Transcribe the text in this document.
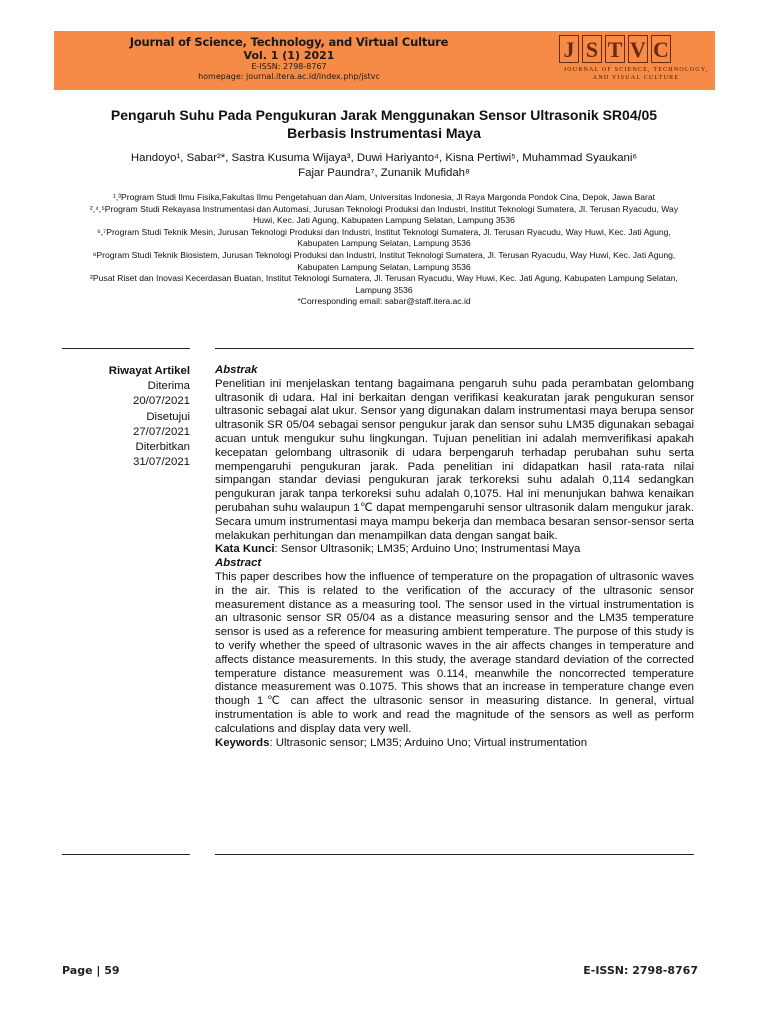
Journal of Science, Technology, and Virtual Culture
Vol. 1 (1) 2021
E-ISSN: 2798-8767
homepage: journal.itera.ac.id/index.php/jstvc
J S T V C
JOURNAL OF SCIENCE, TECHNOLOGY, AND VISUAL CULTURE
Pengaruh Suhu Pada Pengukuran Jarak Menggunakan Sensor Ultrasonik SR04/05
Berbasis Instrumentasi Maya
Handoyo¹, Sabar²*, Sastra Kusuma Wijaya³, Duwi Hariyanto⁴, Kisna Pertiwi⁵, Muhammad Syaukani⁶
Fajar Paundra⁷, Zunanik Mufidah⁸

¹,³Program Studi Ilmu Fisika,Fakultas Ilmu Pengetahuan dan Alam, Universitas Indonesia, Jl Raya Margonda Pondok Cina, Depok, Jawa Barat

²,⁴,⁵Program Studi Rekayasa Instrumentasi dan Automasi, Jurusan Teknologi Produksi dan Industri, Institut Teknologi Sumatera, Jl. Terusan Ryacudu, Way Huwi, Kec. Jati Agung, Kabupaten Lampung Selatan, Lampung 3536

⁶,⁷Program Studi Teknik Mesin, Jurusan Teknologi Produksi dan Industri, Institut Teknologi Sumatera, Jl. Terusan Ryacudu, Way Huwi, Kec. Jati Agung, Kabupaten Lampung Selatan, Lampung 3536

⁸Program Studi Teknik Biosistem, Jurusan Teknologi Produksi dan Industri, Institut Teknologi Sumatera, Jl. Terusan Ryacudu, Way Huwi, Kec. Jati Agung, Kabupaten Lampung Selatan, Lampung 3536

²Pusat Riset dan Inovasi Kecerdasan Buatan, Institut Teknologi Sumatera, Jl. Terusan Ryacudu, Way Huwi, Kec. Jati Agung, Kabupaten Lampung Selatan, Lampung 3536

*Corresponding email: sabar@staff.itera.ac.id

Riwayat Artikel
Diterima
20/07/2021
Disetujui
27/07/2021
Diterbitkan
31/07/2021
Abstrak

Penelitian ini menjelaskan tentang bagaimana pengaruh suhu pada perambatan gelombang ultrasonik di udara. Hal ini berkaitan dengan verifikasi keakuratan jarak pengukuran sensor ultrasonic sebagai alat ukur. Sensor yang digunakan dalam instrumentasi maya berupa sensor ultrasonik SR 05/04 sebagai sensor pengukur jarak dan sensor suhu LM35 digunakan sebagai acuan untuk mengukur suhu lingkungan. Tujuan penelitian ini adalah memverifikasi apakah kecepatan gelombang ultrasonik di udara berpengaruh terhadap perubahan suhu serta mempengaruhi pengukuran jarak. Pada penelitian ini didapatkan hasil rata-rata nilai simpangan standar deviasi pengukuran jarak terkoreksi suhu adalah 0,114 sedangkan pengukuran jarak tanpa terkoreksi suhu adalah 0,1075. Hal ini menunjukan bahwa kenaikan perubahan suhu walaupun 1℃ dapat mempengaruhi sensor ultrasonik dalam mengukur jarak. Secara umum instrumentasi maya mampu bekerja dan membaca besaran sensor-sensor serta melakukan perhitungan dan menampilkan data dengan sangat baik.

Kata Kunci: Sensor Ultrasonik; LM35; Arduino Uno; Instrumentasi Maya

Abstract

This paper describes how the influence of temperature on the propagation of ultrasonic waves in the air. This is related to the verification of the accuracy of the ultrasonic sensor measurement distance as a measuring tool. The sensor used in the virtual instrumentation is an ultrasonic sensor SR 05/04 as a distance measuring sensor and the LM35 temperature sensor is used as a reference for measuring ambient temperature. The purpose of this study is to verify whether the speed of ultrasonic waves in the air affects changes in temperature and affects distance measurements. In this study, the average standard deviation of the corrected temperature distance measurement was 0.114, meanwhile the noncorrected temperature distance measurement was 0.1075. This shows that an increase in temperature change even though 1℃ can affect the ultrasonic sensor in measuring distance. In general, virtual instrumentation is able to work and read the magnitude of the sensors as well as perform calculations and display data very well.

Keywords: Ultrasonic sensor; LM35; Arduino Uno; Virtual instrumentation

Page | 59	E-ISSN: 2798-8767
